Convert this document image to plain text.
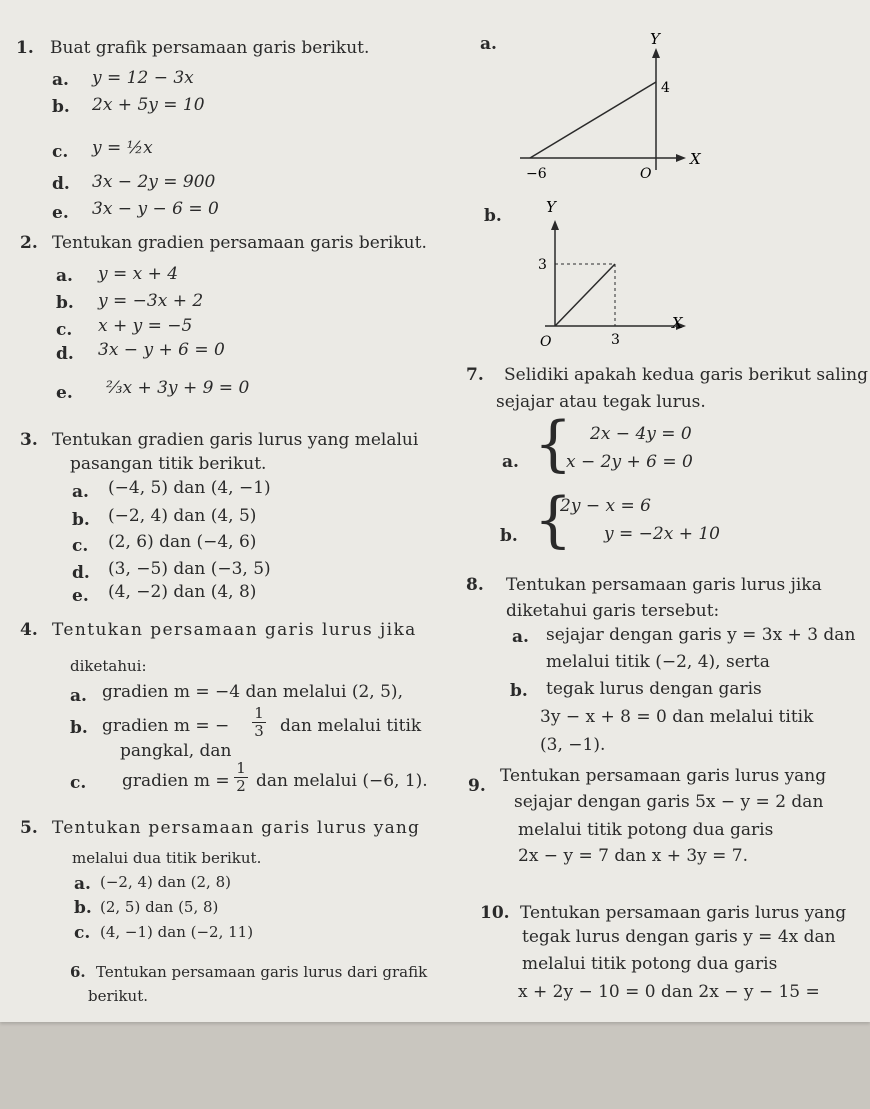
1. Buat grafik persamaan garis berikut.
a. y = 12 − 3x
b. 2x + 5y = 10
c. y = ½x
d. 3x − 2y = 900
e. 3x − y − 6 = 0
2. Tentukan gradien persamaan garis berikut.
a. y = x + 4
b. y = −3x + 2
c. x + y = −5
d. 3x − y + 6 = 0
e. ⅔x + 3y + 9 = 0
3. Tentukan gradien garis lurus yang melalui
pasangan titik berikut.
a. (−4, 5) dan (4, −1)
b. (−2, 4) dan (4, 5)
c. (2, 6) dan (−4, 6)
d. (3, −5) dan (−3, 5)
e. (4, −2) dan (4, 8)
4. Tentukan persamaan garis lurus jika
diketahui:
a. gradien m = −4 dan melalui (2, 5),
b. gradien m = − $\frac{1}{3}$ dan melalui titik
pangkal, dan
c. gradien $m = \frac{1}{2}$ dan melalui (−6, 1).
5. Tentukan persamaan garis lurus yang
melalui dua titik berikut.
a. (−2, 4) dan (2, 8)
b. (2, 5) dan (5, 8)
c. (4, −1) dan (−2, 11)
6. Tentukan persamaan garis lurus dari grafik
berikut.
a.	Y
X
4
−6	O
b.	Y
X
3
3
O
7. Selidiki apakah kedua garis berikut saling
sejajar atau tegak lurus.
a. { 2x − 4y = 0
x − 2y + 6 = 0
b. {
2y − x = 6
y = −2x + 10
8. Tentukan persamaan garis lurus jika
diketahui garis tersebut:
a. sejajar dengan garis y = 3x + 3 dan
melalui titik (−2, 4), serta
b. tegak lurus dengan garis
3y − x + 8 = 0 dan melalui titik
(3, −1).
9. Tentukan persamaan garis lurus yang
sejajar dengan garis 5x − y = 2 dan
melalui titik potong dua garis
2x − y = 7 dan x + 3y = 7.
10. Tentukan persamaan garis lurus yang
tegak lurus dengan garis y = 4x dan
melalui titik potong dua garis
x + 2y − 10 = 0 dan 2x − y − 15 =
